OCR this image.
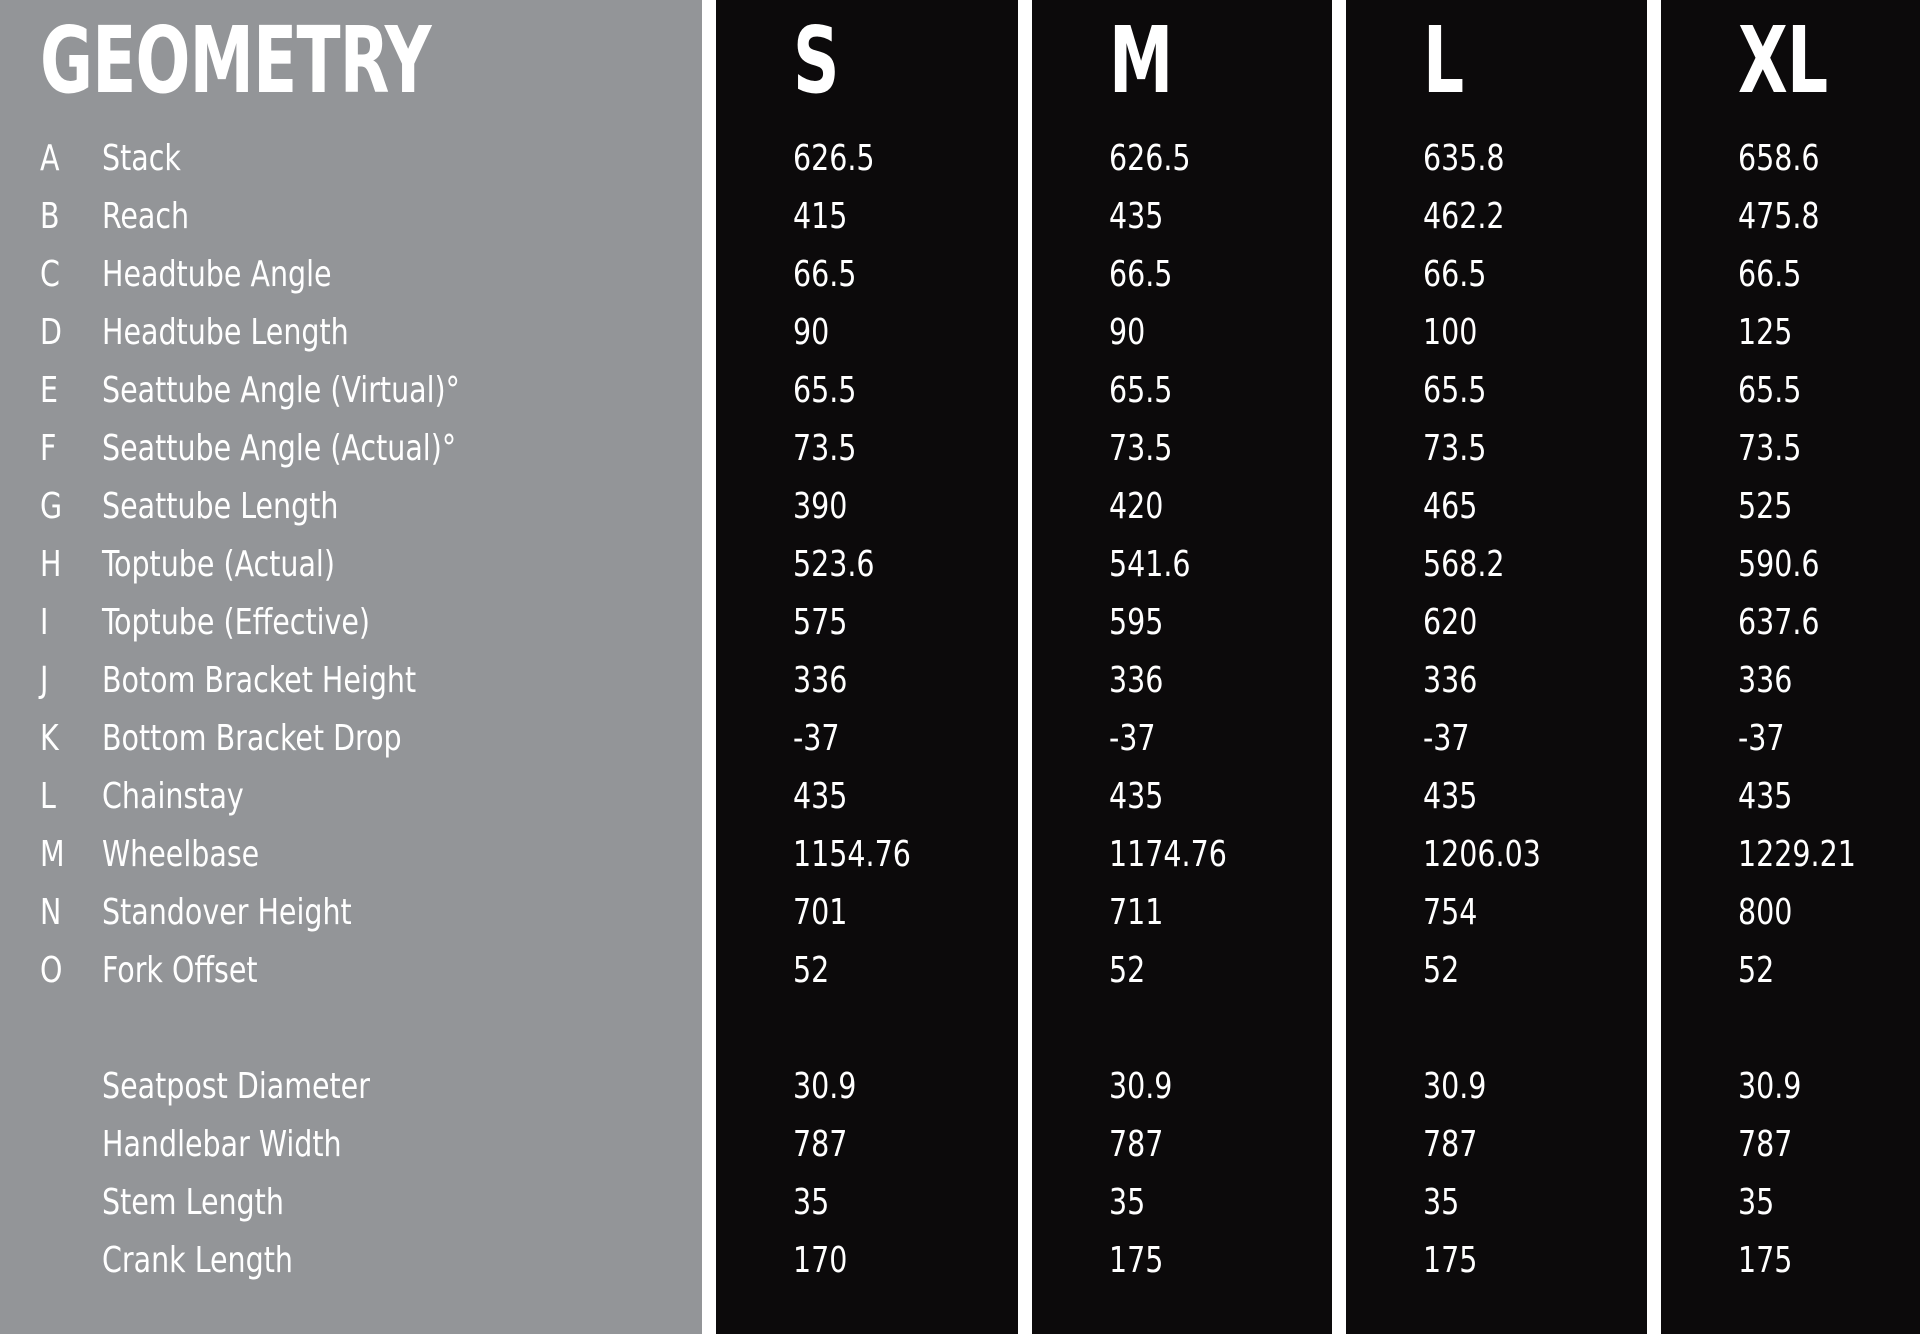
GEOMETRY
A Stack
B Reach
C Headtube Angle
D Headtube Length
E Seattube Angle (Virtual)°
F Seattube Angle (Actual)°
G Seattube Length
H Toptube (Actual)
I Toptube (Effective)
J Botom Bracket Height
K Bottom Bracket Drop
L Chainstay
M Wheelbase
N Standover Height
O Fork Offset
Seatpost Diameter
Handlebar Width
Stem Length
Crank Length
S
626.5
415
66.5
90
65.5
73.5
390
523.6
575
336
-37
435
1154.76
701
52
30.9
787
35
170
M
626.5
435
66.5
90
65.5
73.5
420
541.6
595
336
-37
435
1174.76
711
52
30.9
787
35
175
L
635.8
462.2
66.5
100
65.5
73.5
465
568.2
620
336
-37
435
1206.03
754
52
30.9
787
35
175
XL
658.6
475.8
66.5
125
65.5
73.5
525
590.6
637.6
336
-37
435
1229.21
800
52
30.9
787
35
175
